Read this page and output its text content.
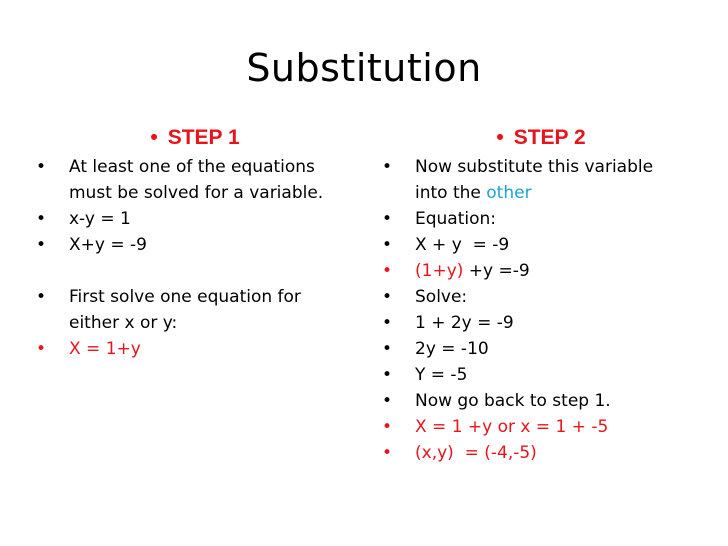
Substitution
• STEP 1
• At least one of the equations
must be solved for a variable.
• x-y = 1
• X+y = -9
• First solve one equation for
either x or y:
• X = 1+y
• STEP 2
• Now substitute this variable
into the other
• Equation:
• X + y  = -9
• (1+y) +y =-9
• Solve:
• 1 + 2y = -9
• 2y = -10
• Y = -5
• Now go back to step 1.
• X = 1 +y or x = 1 + -5
• (x,y)  = (-4,-5)
